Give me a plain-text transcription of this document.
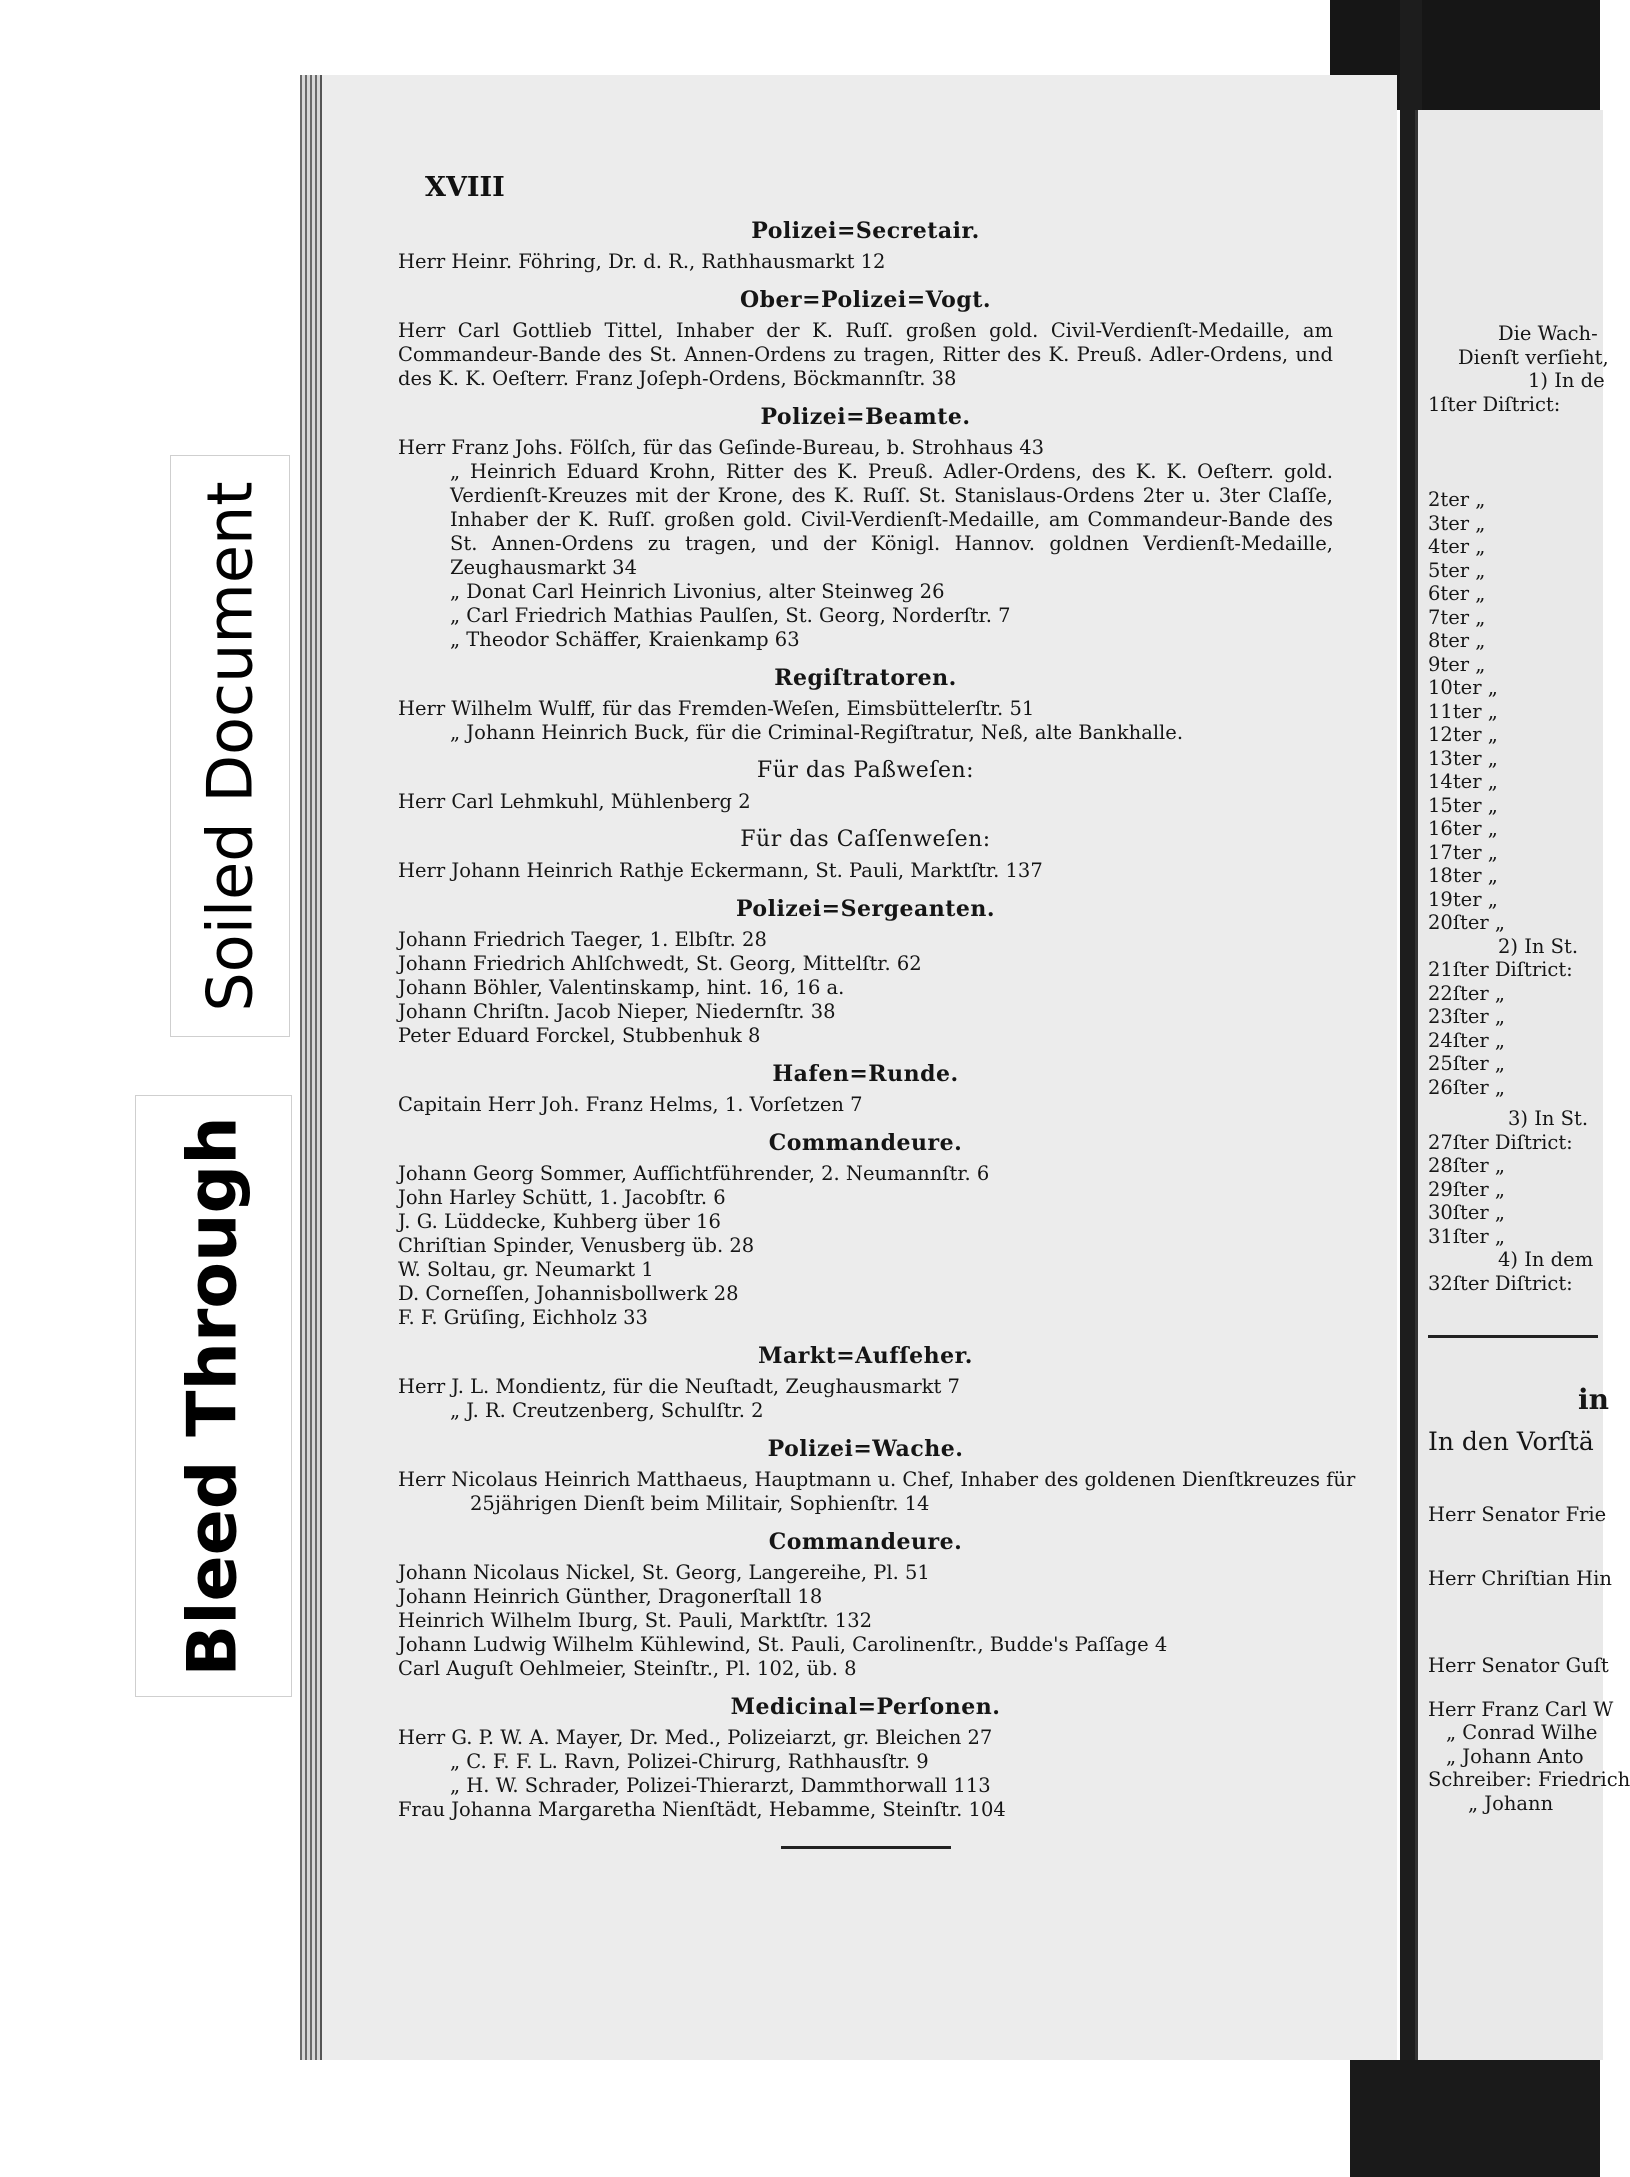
Soiled Document
Bleed Through
XVIII
Polizei=Secretair.
Herr Heinr. Föhring, Dr. d. R., Rathhausmarkt 12
Ober=Polizei=Vogt.
Herr Carl Gottlieb Tittel, Inhaber der K. Ruſſ. großen gold. Civil-Verdienſt-Medaille, am Commandeur-Bande des St. Annen-Ordens zu tragen, Ritter des K. Preuß. Adler-Ordens, und des K. K. Oeſterr. Franz Joſeph-Ordens, Böckmannſtr. 38
Polizei=Beamte.
Herr Franz Johs. Fölſch, für das Geſinde-Bureau, b. Strohhaus 43
„ Heinrich Eduard Krohn, Ritter des K. Preuß. Adler-Ordens, des K. K. Oeſterr. gold. Verdienſt-Kreuzes mit der Krone, des K. Ruſſ. St. Stanislaus-Ordens 2ter u. 3ter Claſſe, Inhaber der K. Ruſſ. großen gold. Civil-Verdienſt-Medaille, am Commandeur-Bande des St. Annen-Ordens zu tragen, und der Königl. Hannov. goldnen Verdienſt-Medaille, Zeughausmarkt 34
„ Donat Carl Heinrich Livonius, alter Steinweg 26
„ Carl Friedrich Mathias Paulſen, St. Georg, Norderſtr. 7
„ Theodor Schäffer, Kraienkamp 63
Regiſtratoren.
Herr Wilhelm Wulff, für das Fremden-Weſen, Eimsbüttelerſtr. 51
„ Johann Heinrich Buck, für die Criminal-Regiſtratur, Neß, alte Bankhalle.
Für das Paßweſen:
Herr Carl Lehmkuhl, Mühlenberg 2
Für das Caſſenweſen:
Herr Johann Heinrich Rathje Eckermann, St. Pauli, Marktſtr. 137
Polizei=Sergeanten.
Johann Friedrich Taeger, 1. Elbſtr. 28
Johann Friedrich Ahlſchwedt, St. Georg, Mittelſtr. 62
Johann Böhler, Valentinskamp, hint. 16, 16 a.
Johann Chriſtn. Jacob Nieper, Niedernſtr. 38
Peter Eduard Forckel, Stubbenhuk 8
Hafen=Runde.
Capitain Herr Joh. Franz Helms, 1. Vorſetzen 7
Commandeure.
Johann Georg Sommer, Aufſichtführender, 2. Neumannſtr. 6
John Harley Schütt, 1. Jacobſtr. 6
J. G. Lüddecke, Kuhberg über 16
Chriſtian Spinder, Venusberg üb. 28
W. Soltau, gr. Neumarkt 1
D. Corneſſen, Johannisbollwerk 28
F. F. Grüſing, Eichholz 33
Markt=Aufſeher.
Herr J. L. Mondientz, für die Neuſtadt, Zeughausmarkt 7
„ J. R. Creutzenberg, Schulſtr. 2
Polizei=Wache.
Herr Nicolaus Heinrich Matthaeus, Hauptmann u. Chef, Inhaber des goldenen Dienſtkreuzes für
25jährigen Dienſt beim Militair, Sophienſtr. 14
Commandeure.
Johann Nicolaus Nickel, St. Georg, Langereihe, Pl. 51
Johann Heinrich Günther, Dragonerſtall 18
Heinrich Wilhelm Iburg, St. Pauli, Marktſtr. 132
Johann Ludwig Wilhelm Kühlewind, St. Pauli, Carolinenſtr., Budde's Paſſage 4
Carl Auguſt Oehlmeier, Steinſtr., Pl. 102, üb. 8
Medicinal=Perſonen.
Herr G. P. W. A. Mayer, Dr. Med., Polizeiarzt, gr. Bleichen 27
„ C. F. F. L. Ravn, Polizei-Chirurg, Rathhausſtr. 9
„ H. W. Schrader, Polizei-Thierarzt, Dammthorwall 113
Frau Johanna Margaretha Nienſtädt, Hebamme, Steinſtr. 104
Die Wach-
Dienſt verſieht,
1) In de
1ſter Diſtrict:
2ter „
3ter „
4ter „
5ter „
6ter „
7ter „
8ter „
9ter „
10ter „
11ter „
12ter „
13ter „
14ter „
15ter „
16ter „
17ter „
18ter „
19ter „
20ſter „
2) In St.
21ſter Diſtrict:
22ſter „
23ſter „
24ſter „
25ſter „
26ſter „
3) In St.
27ſter Diſtrict:
28ſter „
29ſter „
30ſter „
31ſter „
4) In dem
32ſter Diſtrict:
in
In den Vorſtä
Herr Senator Frie
Herr Chriſtian Hin
Herr Senator Guſt
Herr Franz Carl W
„ Conrad Wilhe
„ Johann Anto
Schreiber: Friedrich
„ Johann
